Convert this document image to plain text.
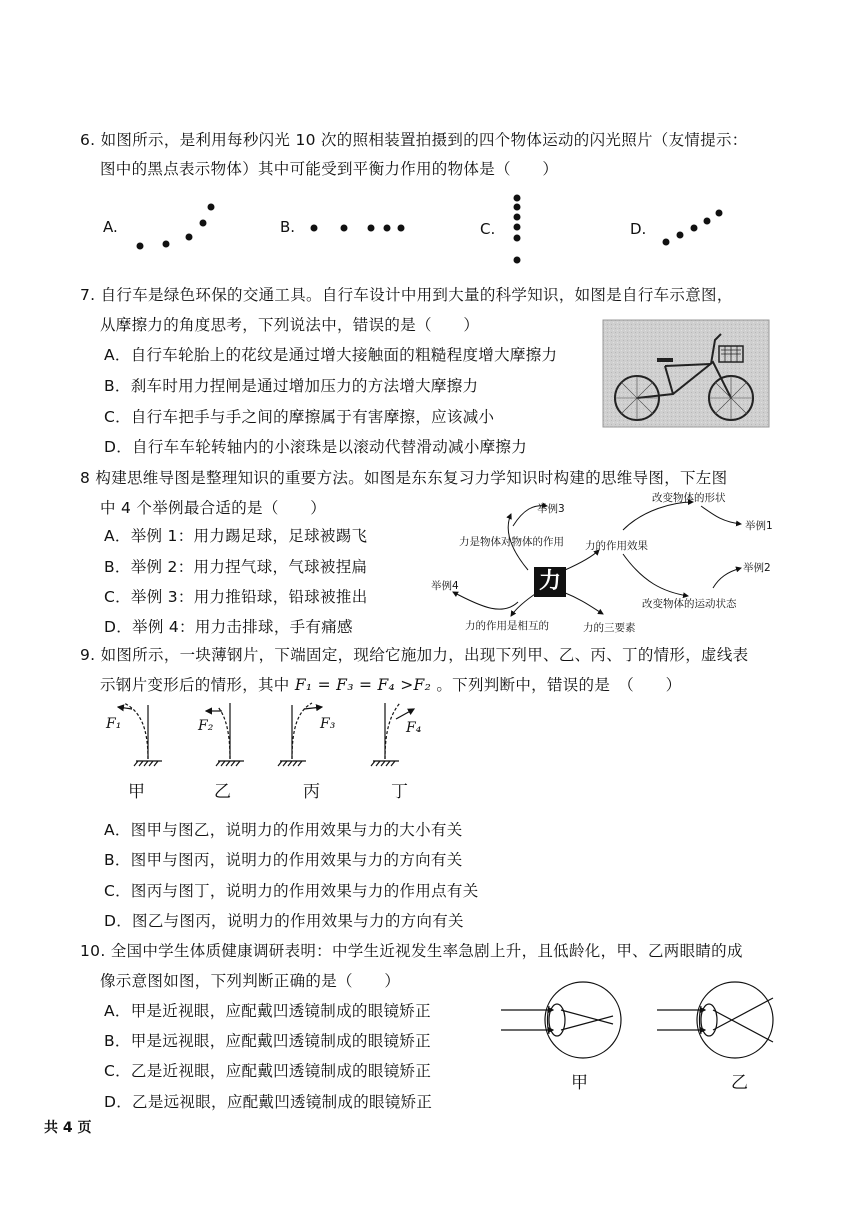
6. 如图所示，是利用每秒闪光 10 次的照相装置拍摄到的四个物体运动的闪光照片（友情提示：
图中的黑点表示物体）其中可能受到平衡力作用的物体是（　　）
A.	B.	C.	D.
7. 自行车是绿色环保的交通工具。自行车设计中用到大量的科学知识，如图是自行车示意图，
从摩擦力的角度思考，下列说法中，错误的是（　　）
A．自行车轮胎上的花纹是通过增大接触面的粗糙程度增大摩擦力
B．刹车时用力捏闸是通过增加压力的方法增大摩擦力
C．自行车把手与手之间的摩擦属于有害摩擦，应该减小
D．自行车车轮转轴内的小滚珠是以滚动代替滑动减小摩擦力
8 构建思维导图是整理知识的重要方法。如图是东东复习力学知识时构建的思维导图，下左图
中 4 个举例最合适的是（　　）
A．举例 1：用力踢足球，足球被踢飞
B．举例 2：用力捏气球，气球被捏扁
C．举例 3：用力推铅球，铅球被推出
D．举例 4：用力击排球，手有痛感
举例3
改变物体的形状
举例1
力是物体对物体的作用 力的作用效果
举例2
力
举例4
改变物体的运动状态
力的作用是相互的	力的三要素
9. 如图所示，一块薄钢片，下端固定，现给它施加力，出现下列甲、乙、丙、丁的情形，虚线表
示钢片变形后的情形，其中 F₁ = F₃ = F₄ >F₂ 。下列判断中，错误的是　（　　）
F₁	F₂	F₃	F₄
甲	乙	丙	丁
A．图甲与图乙，说明力的作用效果与力的大小有关
B．图甲与图丙，说明力的作用效果与力的方向有关
C．图丙与图丁，说明力的作用效果与力的作用点有关
D．图乙与图丙，说明力的作用效果与力的方向有关
10. 全国中学生体质健康调研表明：中学生近视发生率急剧上升，且低龄化，甲、乙两眼睛的成
像示意图如图，下列判断正确的是（　　）
A．甲是近视眼，应配戴凹透镜制成的眼镜矫正
B．甲是远视眼，应配戴凹透镜制成的眼镜矫正
C．乙是近视眼，应配戴凹透镜制成的眼镜矫正
D．乙是远视眼，应配戴凹透镜制成的眼镜矫正
甲	乙
共 4 页
